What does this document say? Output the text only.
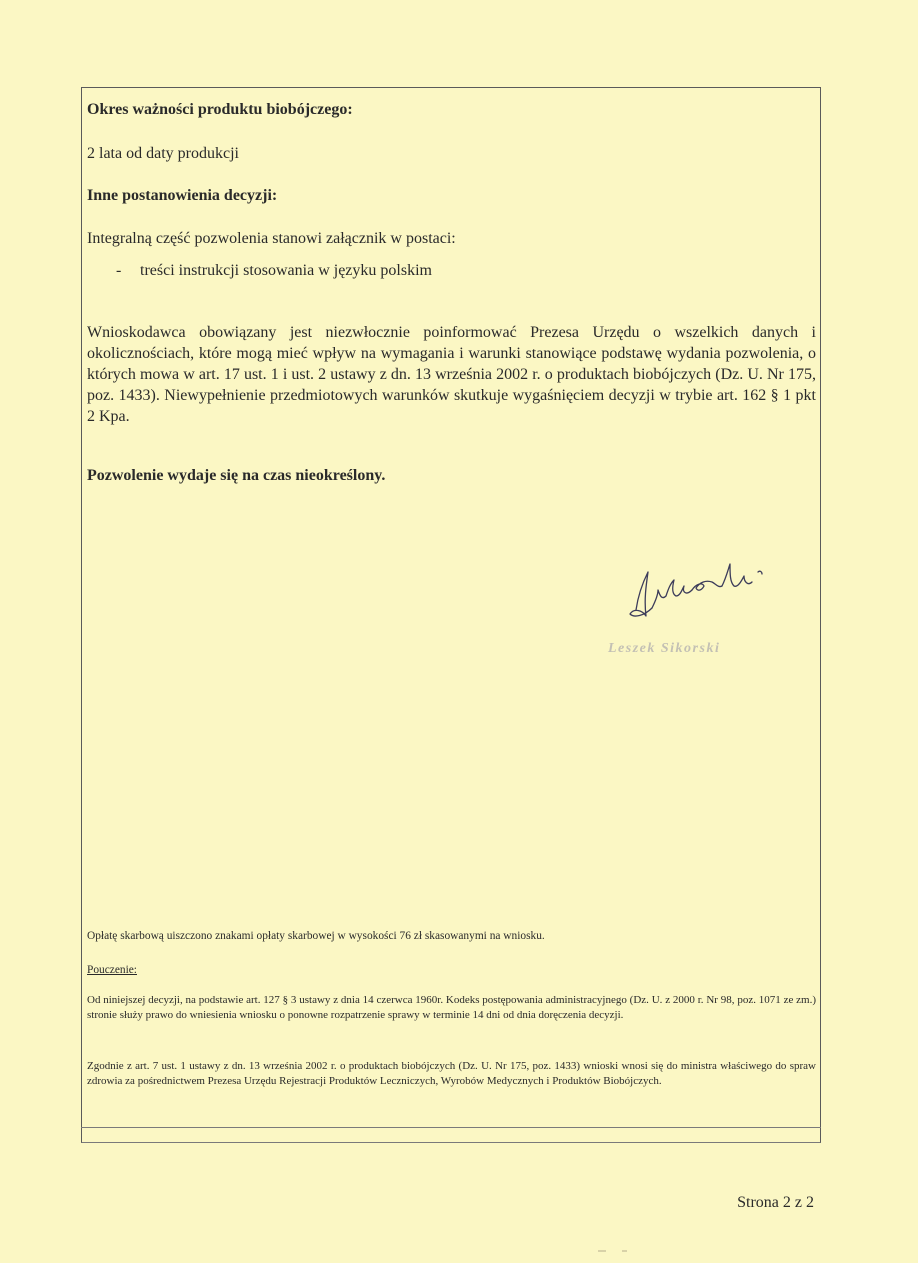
Okres ważności produktu biobójczego:

2 lata od daty produkcji

Inne postanowienia decyzji:

Integralną część pozwolenia stanowi załącznik w postaci:

- treści instrukcji stosowania w języku polskim

Wnioskodawca obowiązany jest niezwłocznie poinformować Prezesa Urzędu o wszelkich danych i okolicznościach, które mogą mieć wpływ na wymagania i warunki stanowiące podstawę wydania pozwolenia, o których mowa w art. 17 ust. 1 i ust. 2 ustawy z dn. 13 września 2002 r. o produktach biobójczych (Dz. U. Nr 175, poz. 1433). Niewypełnienie przedmiotowych warunków skutkuje wygaśnięciem decyzji w trybie art. 162 § 1 pkt 2 Kpa.

Pozwolenie wydaje się na czas nieokreślony.

Leszek Sikorski

Opłatę skarbową uiszczono znakami opłaty skarbowej w wysokości 76 zł skasowanymi na wniosku.

Pouczenie:

Od niniejszej decyzji, na podstawie art. 127 § 3 ustawy z dnia 14 czerwca 1960r. Kodeks postępowania administracyjnego (Dz. U. z 2000 r. Nr 98, poz. 1071 ze zm.) stronie służy prawo do wniesienia wniosku o ponowne rozpatrzenie sprawy w terminie 14 dni od dnia doręczenia decyzji.

Zgodnie z art. 7 ust. 1 ustawy z dn. 13 września 2002 r. o produktach biobójczych (Dz. U. Nr 175, poz. 1433) wnioski wnosi się do ministra właściwego do spraw zdrowia za pośrednictwem Prezesa Urzędu Rejestracji Produktów Leczniczych, Wyrobów Medycznych i Produktów Biobójczych.

Strona 2 z 2
